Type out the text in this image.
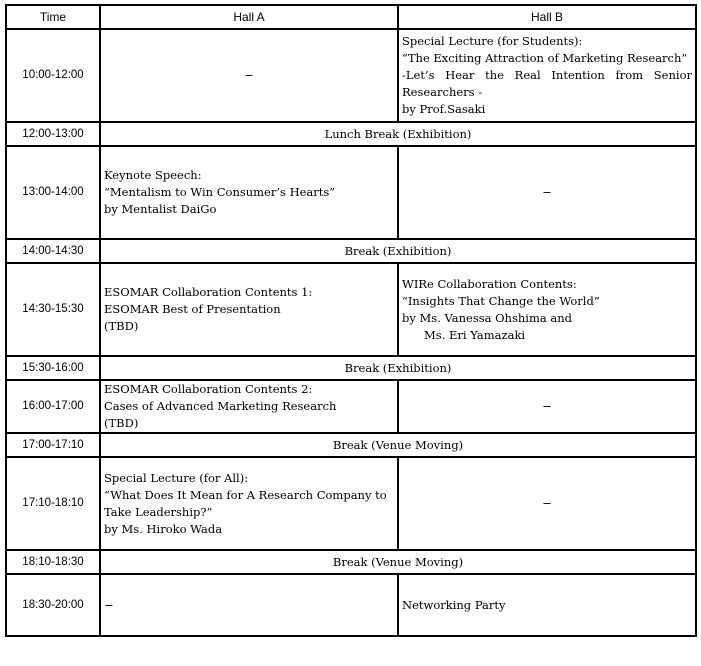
Time	Hall A	Hall B
10:00-12:00	−	Special Lecture (for Students):
“The Exciting Attraction of Marketing Research”
-Let’s Hear the Real Intention from Senior
Researchers -
by Prof.Sasaki

12:00-13:00	Lunch Break (Exhibition)	
13:00-14:00	Keynote Speech:
“Mentalism to Win Consumer’s Hearts”
by Mentalist DaiGo	−
14:00-14:30	Break (Exhibition)	
14:30-15:30	ESOMAR Collaboration Contents 1:
ESOMAR Best of Presentation
(TBD)	WIRe Collaboration Contents:
“Insights That Change the World”
by Ms. Vanessa Ohshima and
Ms. Eri Yamazaki

15:30-16:00	Break (Exhibition)	
16:00-17:00	ESOMAR Collaboration Contents 2:
Cases of Advanced Marketing Research
(TBD)	−
17:00-17:10	Break (Venue Moving)	
17:10-18:10	Special Lecture (for All):
“What Does It Mean for A Research Company to
Take Leadership?”
by Ms. Hiroko Wada	−
18:10-18:30	Break (Venue Moving)	
18:30-20:00	−	Networking Party
